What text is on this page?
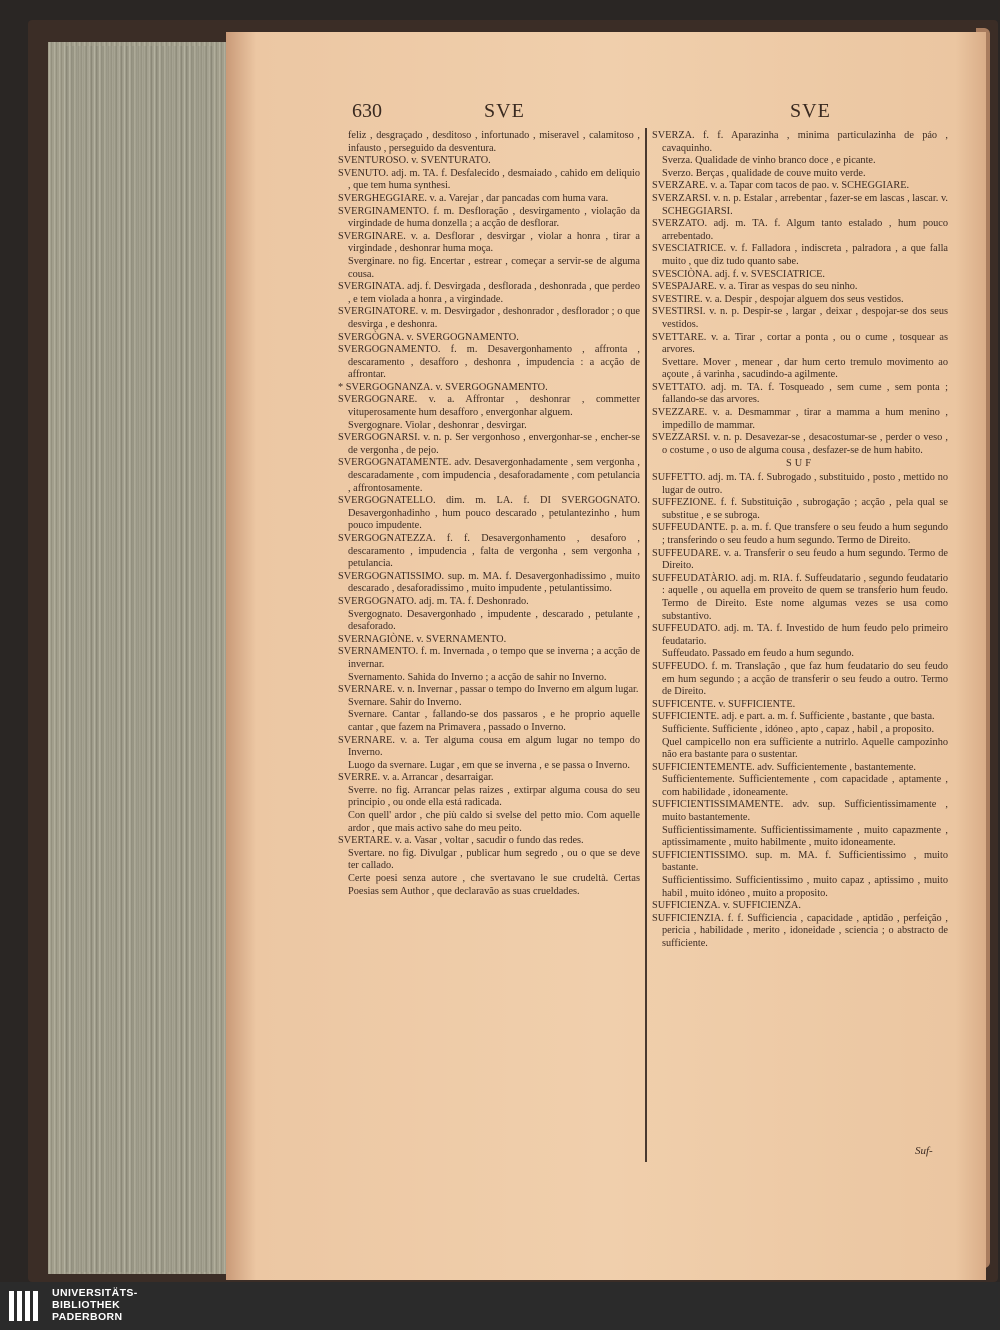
630	SVE	SVE

feliz , desgraçado , desditoso , infortunado , miseravel , calamitoso , infausto , perseguido da desventura.

SVENTUROSO. v. SVENTURATO.

SVENUTO. adj. m. TA. f. Desfalecido , desmaiado , cahido em deliquio , que tem huma synthesi.

SVERGHEGGIARE. v. a. Varejar , dar pancadas com huma vara.

SVERGINAMENTO. f. m. Desfloração , desvirgamento , violação da virgindade de huma donzella ; a acção de desflorar.

SVERGINARE. v. a. Desflorar , desvirgar , violar a honra , tirar a virgindade , deshonrar huma moça.

Sverginare. no fig. Encertar , estrear , começar a servir-se de alguma cousa.

SVERGINATA. adj. f. Desvirgada , desflorada , deshonrada , que perdeo , e tem violada a honra , a virgindade.

SVERGINATORE. v. m. Desvirgador , deshonrador , desflorador ; o que desvirga , e deshonra.

SVERGÒGNA. v. SVERGOGNAMENTO.

SVERGOGNAMENTO. f. m. Desavergonhamento , affronta , descaramento , desafforo , deshonra , impudencia : a acção de affrontar.

* SVERGOGNANZA. v. SVERGOGNAMENTO.

SVERGOGNARE. v. a. Affrontar , deshonrar , commetter vituperosamente hum desafforo , envergonhar alguem.

Svergognare. Violar , deshonrar , desvirgar.

SVERGOGNARSI. v. n. p. Ser vergonhoso , envergonhar-se , encher-se de vergonha , de pejo.

SVERGOGNATAMENTE. adv. Desavergonhadamente , sem vergonha , descaradamente , com impudencia , desaforadamente , com petulancia , affrontosamente.

SVERGOGNATELLO. dim. m. LA. f. DI SVERGOGNATO. Desavergonhadinho , hum pouco descarado , petulantezinho , hum pouco impudente.

SVERGOGNATEZZA. f. f. Desavergonhamento , desaforo , descaramento , impudencia , falta de vergonha , sem vergonha , petulancia.

SVERGOGNATISSIMO. sup. m. MA. f. Desavergonhadissimo , muito descarado , desaforadissimo , muito impudente , petulantissimo.

SVERGOGNATO. adj. m. TA. f. Deshonrado.

Svergognato. Desavergonhado , impudente , descarado , petulante , desaforado.

SVERNAGIÒNE. v. SVERNAMENTO.

SVERNAMENTO. f. m. Invernada , o tempo que se inverna ; a acção de invernar.

Svernamento. Sahida do Inverno ; a acção de sahir no Inverno.

SVERNARE. v. n. Invernar , passar o tempo do Inverno em algum lugar.

Svernare. Sahir do Inverno.

Svernare. Cantar , fallando-se dos passaros , e he proprio aquelle cantar , que fazem na Primavera , passado o Inverno.

SVERNARE. v. a. Ter alguma cousa em algum lugar no tempo do Inverno.

Luogo da svernare. Lugar , em que se inverna , e se passa o Inverno.

SVERRE. v. a. Arrancar , desarraigar.

Sverre. no fig. Arrancar pelas raizes , extirpar alguma cousa do seu principio , ou onde ella está radicada.

Con quell' ardor , che più caldo si svelse del petto mio. Com aquelle ardor , que mais activo sahe do meu peito.

SVERTARE. v. a. Vasar , voltar , sacudir o fundo das redes.

Svertare. no fig. Divulgar , publicar hum segredo , ou o que se deve ter callado.

Certe poesi senza autore , che svertavano le sue crudeltà. Certas Poesias sem Author , que declaravão as suas crueldades.

SVERZA. f. f. Aparazinha , minima particulazinha de páo , cavaquinho.

Sverza. Qualidade de vinho branco doce , e picante.

Sverzo. Berças , qualidade de couve muito verde.

SVERZARE. v. a. Tapar com tacos de pao. v. SCHEGGIARE.

SVERZARSI. v. n. p. Estalar , arrebentar , fazer-se em lascas , lascar. v. SCHEGGIARSI.

SVERZATO. adj. m. TA. f. Algum tanto estalado , hum pouco arrebentado.

SVESCIATRICE. v. f. Falladora , indiscreta , palradora , a que falla muito , que diz tudo quanto sabe.

SVESCIÒNA. adj. f. v. SVESCIATRICE.

SVESPAJARE. v. a. Tirar as vespas do seu ninho.

SVESTIRE. v. a. Despir , despojar alguem dos seus vestidos.

SVESTIRSI. v. n. p. Despir-se , largar , deixar , despojar-se dos seus vestidos.

SVETTARE. v. a. Tirar , cortar a ponta , ou o cume , tosquear as arvores.

Svettare. Mover , menear , dar hum certo tremulo movimento ao açoute , á varinha , sacudindo-a agilmente.

SVETTATO. adj. m. TA. f. Tosqueado , sem cume , sem ponta ; fallando-se das arvores.

SVEZZARE. v. a. Desmammar , tirar a mamma a hum menino , impedillo de mammar.

SVEZZARSI. v. n. p. Desavezar-se , desacostumar-se , perder o veso , o costume , o uso de alguma cousa , desfazer-se de hum habito.

SUF

SUFFETTO. adj. m. TA. f. Subrogado , substituido , posto , mettido no lugar de outro.

SUFFEZIONE. f. f. Substituição , subrogação ; acção , pela qual se substitue , e se subroga.

SUFFEUDANTE. p. a. m. f. Que transfere o seu feudo a hum segundo ; transferindo o seu feudo a hum segundo. Termo de Direito.

SUFFEUDARE. v. a. Transferir o seu feudo a hum segundo. Termo de Direito.

SUFFEUDATÀRIO. adj. m. RIA. f. Suffeudatario , segundo feudatario : aquelle , ou aquella em proveito de quem se transferio hum feudo. Termo de Direito. Este nome algumas vezes se usa como substantivo.

SUFFEUDATO. adj. m. TA. f. Investido de hum feudo pelo primeiro feudatario.

Suffeudato. Passado em feudo a hum segundo.

SUFFEUDO. f. m. Translação , que faz hum feudatario do seu feudo em hum segundo ; a acção de transferir o seu feudo a outro. Termo de Direito.

SUFFICENTE. v. SUFFICIENTE.

SUFFICIENTE. adj. e part. a. m. f. Sufficiente , bastante , que basta.

Sufficiente. Sufficiente , idóneo , apto , capaz , habil , a proposito.

Quel campicello non era sufficiente a nutrirlo. Aquelle campozinho não era bastante para o sustentar.

SUFFICIENTEMENTE. adv. Sufficientemente , bastantemente.

Sufficientemente. Sufficientemente , com capacidade , aptamente , com habilidade , idoneamente.

SUFFICIENTISSIMAMENTE. adv. sup. Sufficientissimamente , muito bastantemente.

Sufficientissimamente. Sufficientissimamente , muito capazmente , aptissimamente , muito habilmente , muito idoneamente.

SUFFICIENTISSIMO. sup. m. MA. f. Sufficientissimo , muito bastante.

Sufficientissimo. Sufficientissimo , muito capaz , aptissimo , muito habil , muito idóneo , muito a proposito.

SUFFICIENZA. v. SUFFICIENZA.

SUFFICIENZIA. f. f. Sufficiencia , capacidade , aptidão , perfeição , pericia , habilidade , merito , idoneidade , sciencia ; o abstracto de sufficiente.

Suf-
UNIVERSITÄTS-
BIBLIOTHEK
PADERBORN
